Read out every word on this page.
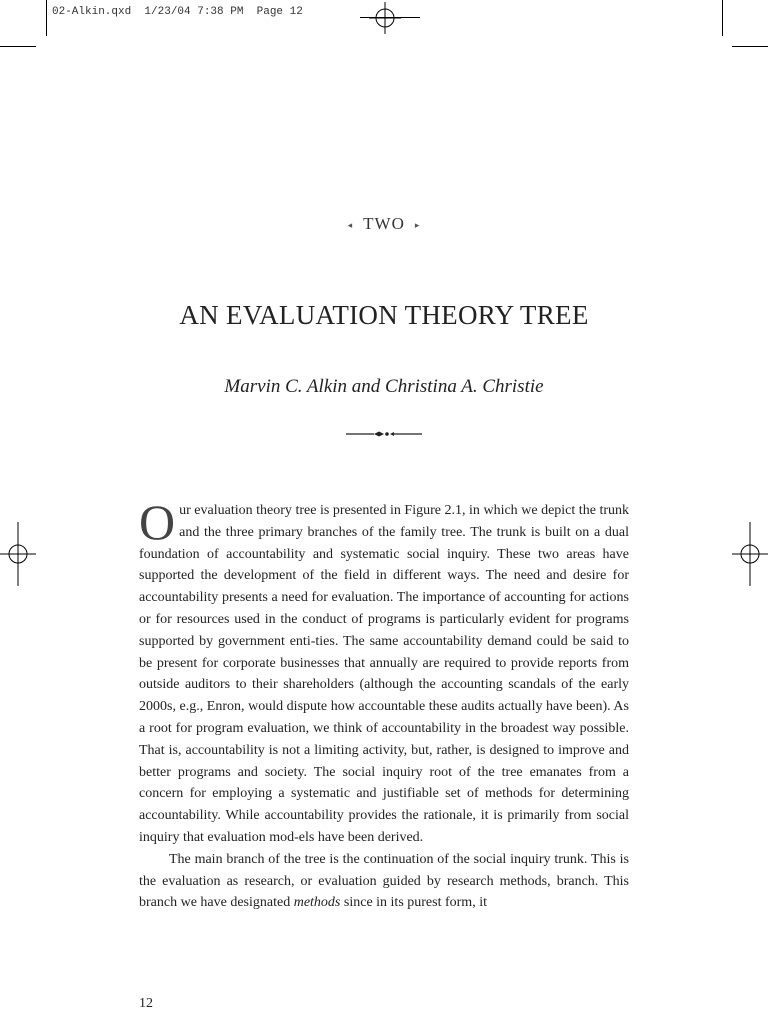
02-Alkin.qxd  1/23/04 7:38 PM  Page 12
◂ TWO ▸
AN EVALUATION THEORY TREE
Marvin C. Alkin and Christina A. Christie

Our evaluation theory tree is presented in Figure 2.1, in which we depict the trunk and the three primary branches of the family tree. The trunk is built on a dual foundation of accountability and systematic social inquiry. These two areas have supported the development of the field in different ways. The need and desire for accountability presents a need for evaluation. The importance of accounting for actions or for resources used in the conduct of programs is particularly evident for programs supported by government enti-ties. The same accountability demand could be said to be present for corporate businesses that annually are required to provide reports from outside auditors to their shareholders (although the accounting scandals of the early 2000s, e.g., Enron, would dispute how accountable these audits actually have been). As a root for program evaluation, we think of accountability in the broadest way possible. That is, accountability is not a limiting activity, but, rather, is designed to improve and better programs and society. The social inquiry root of the tree emanates from a concern for employing a systematic and justifiable set of methods for determining accountability. While accountability provides the rationale, it is primarily from social inquiry that evaluation mod-els have been derived.

The main branch of the tree is the continuation of the social inquiry trunk. This is the evaluation as research, or evaluation guided by research methods, branch. This branch we have designated methods since in its purest form, it

12
